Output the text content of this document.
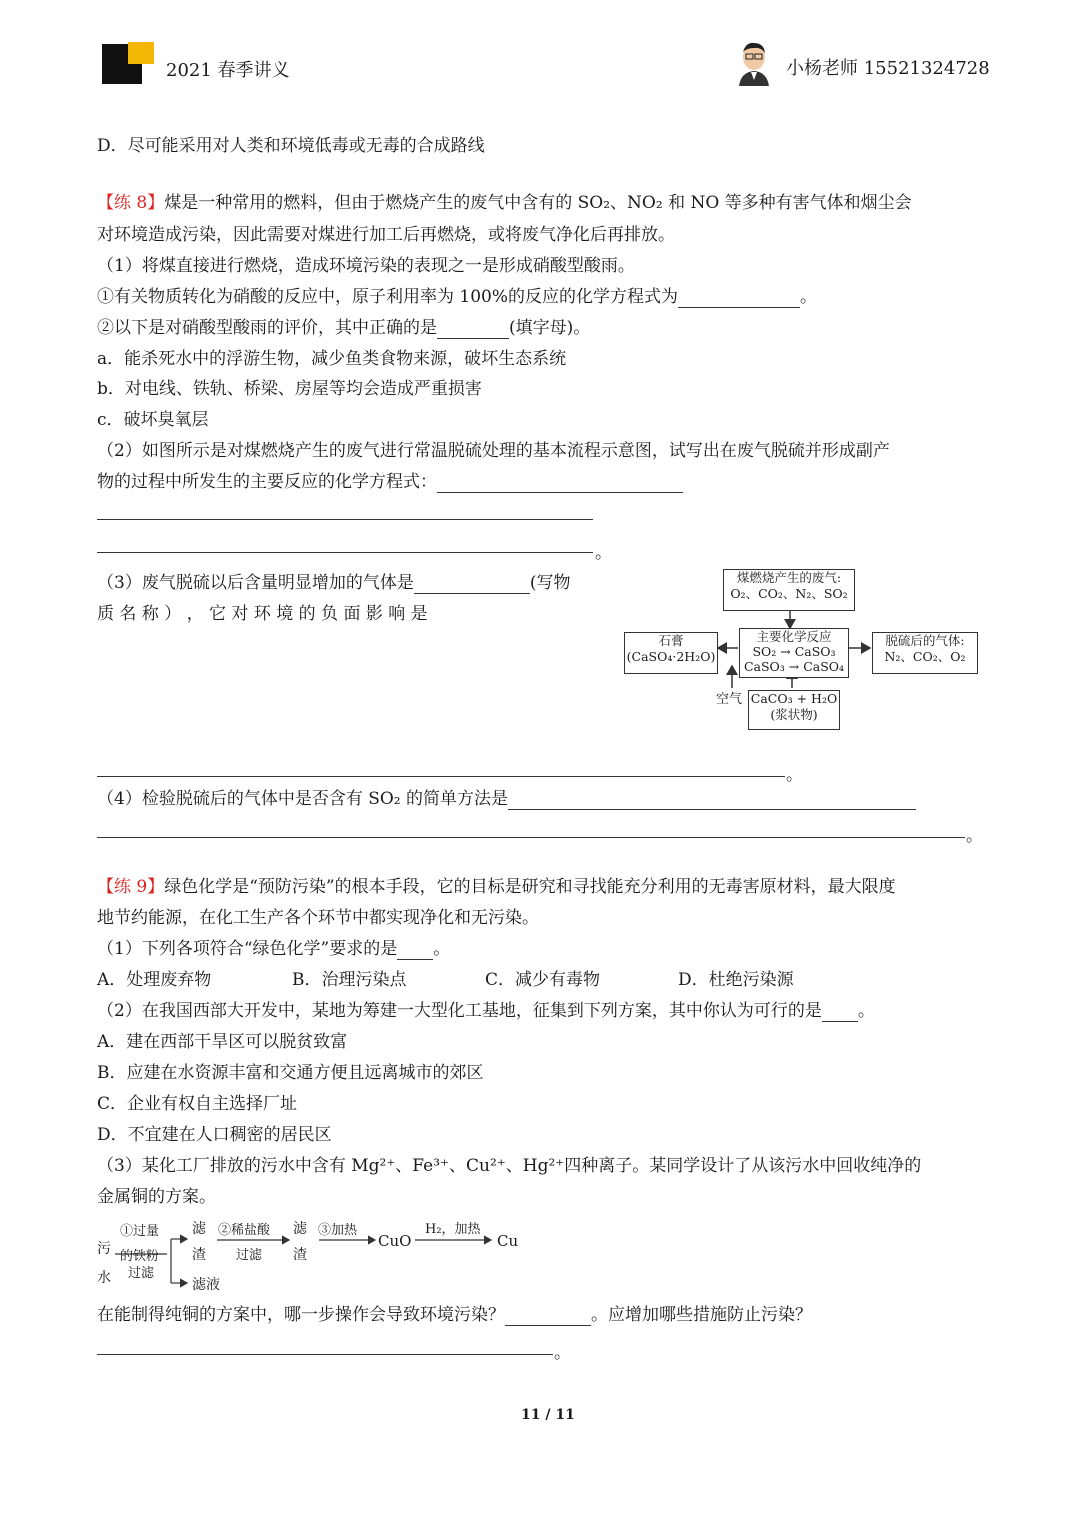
2021 春季讲义	小杨老师 15521324728
D．尽可能采用对人类和环境低毒或无毒的合成路线
【练 8】煤是一种常用的燃料，但由于燃烧产生的废气中含有的 SO₂、NO₂ 和 NO 等多种有害气体和烟尘会
对环境造成污染，因此需要对煤进行加工后再燃烧，或将废气净化后再排放。
（1）将煤直接进行燃烧，造成环境污染的表现之一是形成硝酸型酸雨。
①有关物质转化为硝酸的反应中，原子利用率为 100%的反应的化学方程式为	。
②以下是对硝酸型酸雨的评价，其中正确的是	(填字母)。
a．能杀死水中的浮游生物，减少鱼类食物来源，破坏生态系统
b．对电线、铁轨、桥梁、房屋等均会造成严重损害
c．破坏臭氧层
（2）如图所示是对煤燃烧产生的废气进行常温脱硫处理的基本流程示意图，试写出在废气脱硫并形成副产
物的过程中所发生的主要反应的化学方程式：
。
（3）废气脱硫以后含量明显增加的气体是	(写物
质 名 称 ） ， 它 对 环 境 的 负 面 影 响 是
。
煤燃烧产生的废气:
O₂、CO₂、N₂、SO₂
主要化学反应
SO₂ → CaSO₃
CaSO₃ → CaSO₄
石膏
(CaSO₄·2H₂O)
脱硫后的气体:
N₂、CO₂、O₂
CaCO₃ + H₂O
(浆状物)
空气
（4）检验脱硫后的气体中是否含有 SO₂ 的简单方法是
。
【练 9】绿色化学是“预防污染”的根本手段，它的目标是研究和寻找能充分利用的无毒害原材料，最大限度
地节约能源，在化工生产各个环节中都实现净化和无污染。
（1）下列各项符合“绿色化学”要求的是 。
A．处理废弃物	B．治理污染点	C．减少有毒物	D．杜绝污染源
（2）在我国西部大开发中，某地为筹建一大型化工基地，征集到下列方案，其中你认为可行的是 。
A．建在西部干旱区可以脱贫致富
B．应建在水资源丰富和交通方便且远离城市的郊区
C．企业有权自主选择厂址
D．不宜建在人口稠密的居民区
（3）某化工厂排放的污水中含有 Mg²⁺、Fe³⁺、Cu²⁺、Hg²⁺四种离子。某同学设计了从该污水中回收纯净的
金属铜的方案。
污
水
①过量
的铁粉
过滤
滤
渣
②稀盐酸
过滤
滤
渣
③加热
CuO
H₂，加热
Cu
滤液
在能制得纯铜的方案中，哪一步操作会导致环境污染？	。应增加哪些措施防止污染？
。
11 / 11
